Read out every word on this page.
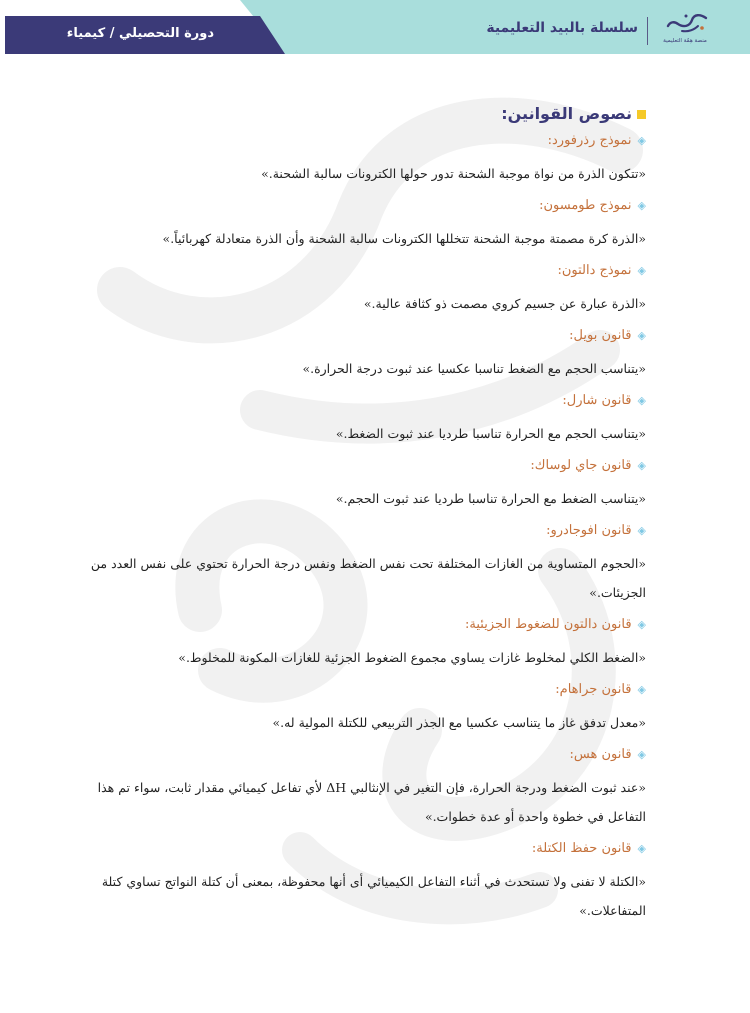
دورة التحصيلي / كيمياء	سلسلة بالبيد التعليمية
منصة هِمّة التعليمية
نصوص القوانين:
◈نموذج رذرفورد:
«تتكون الذرة من نواة موجبة الشحنة تدور حولها الكترونات سالبة الشحنة.»
◈نموذج طومسون:
«الذرة كرة مصمتة موجبة الشحنة تتخللها الكترونات سالبة الشحنة وأن الذرة متعادلة كهربائياً.»
◈نموذج دالتون:
«الذرة عبارة عن جسيم كروي مصمت ذو كثافة عالية.»
◈قانون بويل:
«يتناسب الحجم مع الضغط تناسبا عكسيا عند ثبوت درجة الحرارة.»
◈قانون شارل:
«يتناسب الحجم مع الحرارة تناسبا طرديا عند ثبوت الضغط.»
◈قانون جاي لوساك:
«يتناسب الضغط مع الحرارة تناسبا طرديا عند ثبوت الحجم.»
◈قانون افوجادرو:
«الحجوم المتساوية من الغازات المختلفة تحت نفس الضغط ونفس درجة الحرارة تحتوي على نفس العدد من الجزيئات.»
◈قانون دالتون للضغوط الجزيئية:
«الضغط الكلي لمخلوط غازات يساوي مجموع الضغوط الجزئية للغازات المكونة للمخلوط.»
◈قانون جراهام:
«معدل تدفق غاز ما يتناسب عكسيا مع الجذر التربيعي للكتلة المولية له.»
◈قانون هس:
«عند ثبوت الضغط ودرجة الحرارة، فإن التغير في الإنثالبي ΔH لأي تفاعل كيميائي مقدار ثابت، سواء تم هذا التفاعل في خطوة واحدة أو عدة خطوات.»
◈قانون حفظ الكتلة:
«الكتلة لا تفنى ولا تستحدث في أثناء التفاعل الكيميائي أى أنها محفوظة، بمعنى أن كتلة النواتج تساوي كتلة المتفاعلات.»
